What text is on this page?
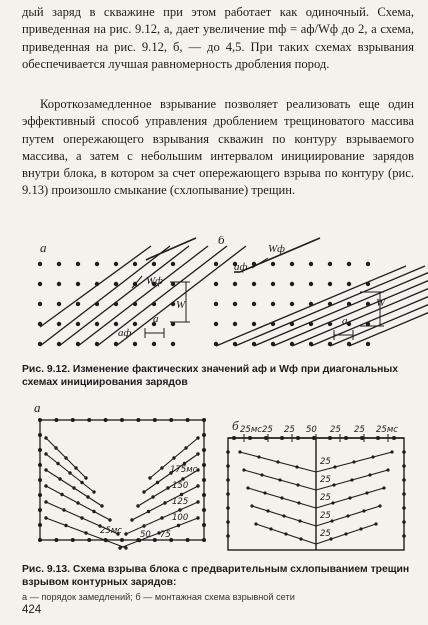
дый заряд в скважине при этом работает как одиночный. Схема, приведенная на рис. 9.12, а, дает увеличение mф = aф/Wф до 2, а схема, приведенная на рис. 9.12, б, — до 4,5. При таких схемах взрывания обеспечивается лучшая равномерность дробления пород.

Короткозамедленное взрывание позволяет реализовать еще один эффективный способ управления дроблением трещиноватого массива путем опережающего взрывания скважин по контуру взрываемого массива, а затем с небольшим интервалом инициирование зарядов внутри блока, в котором за счет опережающего взрыва по контуру (рис. 9.13) произошло смыкание (схлопывание) трещин.

а
б
Wф
aф
W
a
Wф
aф
W
a

Рис. 9.12. Изменение фактических значений aф и Wф при диагональных схемах инициирования зарядов

175мс
150
125
100
75
50
25мс
25мс 25 25 50 25 25 25мс
25
25
25
25
25
а
б

Рис. 9.13. Схема взрыва блока с предварительным схлопыванием трещин взрывом контурных зарядов:

а — порядок замедлений; б — монтажная схема взрывной сети

424
